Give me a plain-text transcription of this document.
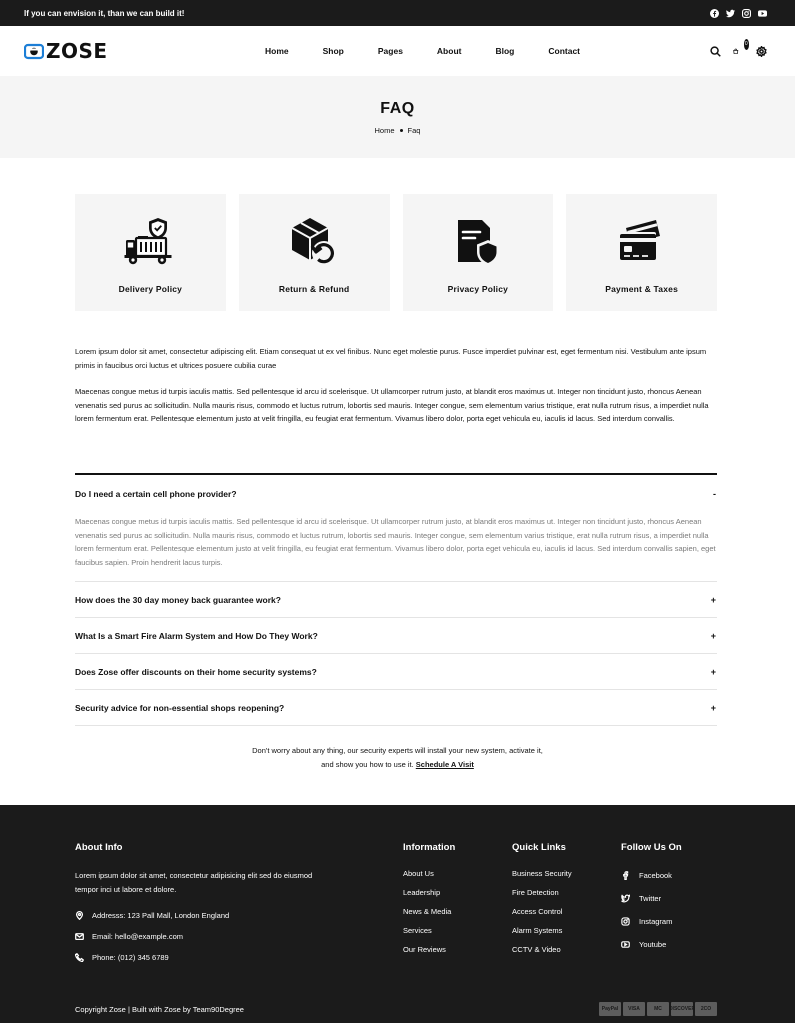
If you can envision it, than we can build it!
ZOSE	Home	Shop	Pages	About	Blog	Contact
0
FAQ
Home Faq
Delivery Policy	Return & Refund	Privacy Policy	Payment & Taxes

Lorem ipsum dolor sit amet, consectetur adipiscing elit. Etiam consequat ut ex vel finibus. Nunc eget molestie purus. Fusce imperdiet pulvinar est, eget fermentum nisi. Vestibulum ante ipsum primis in faucibus orci luctus et ultrices posuere cubilia curae

Maecenas congue metus id turpis iaculis mattis. Sed pellentesque id arcu id scelerisque. Ut ullamcorper rutrum justo, at blandit eros maximus ut. Integer non tincidunt justo, rhoncus Aenean venenatis sed purus ac sollicitudin. Nulla mauris risus, commodo et luctus rutrum, lobortis sed mauris. Integer congue, sem elementum varius tristique, erat nulla rutrum risus, a imperdiet nulla lorem fermentum erat. Pellentesque elementum justo at velit fringilla, eu feugiat erat fermentum. Vivamus libero dolor, porta eget vehicula eu, iaculis id lacus. Sed interdum convallis.

Do I need a certain cell phone provider?	-
Maecenas congue metus id turpis iaculis mattis. Sed pellentesque id arcu id scelerisque. Ut ullamcorper rutrum justo, at blandit eros maximus ut. Integer non tincidunt justo, rhoncus Aenean venenatis sed purus ac sollicitudin. Nulla mauris risus, commodo et luctus rutrum, lobortis sed mauris. Integer congue, sem elementum varius tristique, erat nulla rutrum risus, a imperdiet nulla lorem fermentum erat. Pellentesque elementum justo at velit fringilla, eu feugiat erat fermentum. Vivamus libero dolor, porta eget vehicula eu, iaculis id lacus. Sed interdum convallis sapien, eget faucibus sapien. Proin hendrerit lacus turpis.
How does the 30 day money back guarantee work?	+
What Is a Smart Fire Alarm System and How Do They Work?	+
Does Zose offer discounts on their home security systems?	+
Security advice for non-essential shops reopening?	+
Don't worry about any thing, our security experts will install your new system, activate it,
and show you how to use it. Schedule A Visit
About Info
Lorem ipsum dolor sit amet, consectetur adipisicing elit sed do eiusmod tempor inci ut labore et dolore.
Addresss: 123 Pall Mall, London England
Email: hello@example.com
Phone: (012) 345 6789
Information
About Us
Leadership
News & Media
Services
Our Reviews
Quick Links
Business Security
Fire Detection
Access Control
Alarm Systems
CCTV & Video
Follow Us On
Facebook
Twitter
Instagram
Youtube
Copyright Zose | Built with Zose by Team90Degree	PayPal	VISA	MC	DISCOVER	2CO
